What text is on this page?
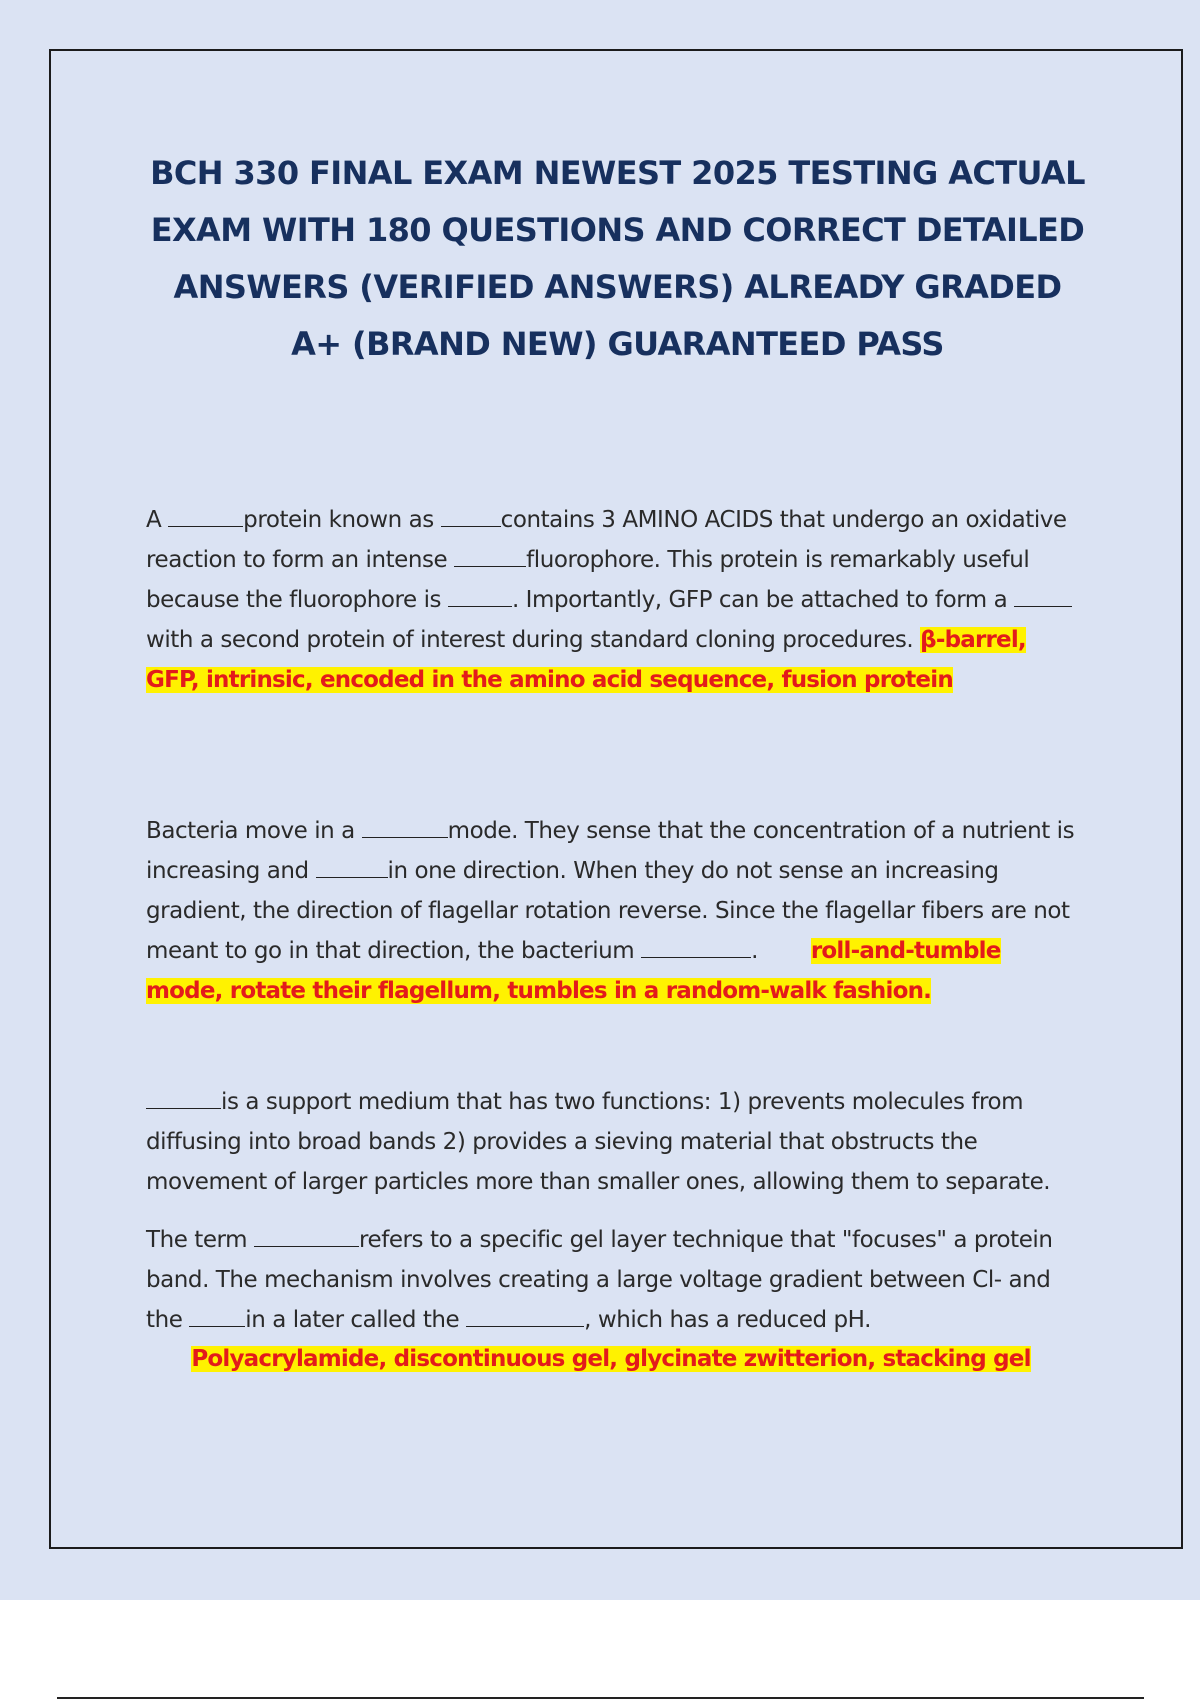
BCH 330 FINAL EXAM NEWEST 2025 TESTING ACTUAL EXAM WITH 180 QUESTIONS AND CORRECT DETAILED ANSWERS (VERIFIED ANSWERS) ALREADY GRADED A+ (BRAND NEW) GUARANTEED PASS
A	protein known as	contains 3 AMINO ACIDS that undergo an oxidative reaction to form an intense	fluorophore. This protein is remarkably useful because the fluorophore is	. Importantly, GFP can be attached to form a with a second protein of interest during standard cloning procedures. β-barrel, GFP, intrinsic, encoded in the amino acid sequence, fusion protein
Bacteria move in a	mode. They sense that the concentration of a nutrient is increasing and	in one direction. When they do not sense an increasing gradient, the direction of flagellar rotation reverse. Since the flagellar fibers are not meant to go in that direction, the bacterium	. roll-and-tumble mode, rotate their flagellum, tumbles in a random-walk fashion.
is a support medium that has two functions: 1) prevents molecules from diffusing into broad bands 2) provides a sieving material that obstructs the movement of larger particles more than smaller ones, allowing them to separate.
The term	refers to a specific gel layer technique that "focuses" a protein band. The mechanism involves creating a large voltage gradient between Cl- and the	in a later called the	, which has a reduced pH.
Polyacrylamide, discontinuous gel, glycinate zwitterion, stacking gel
